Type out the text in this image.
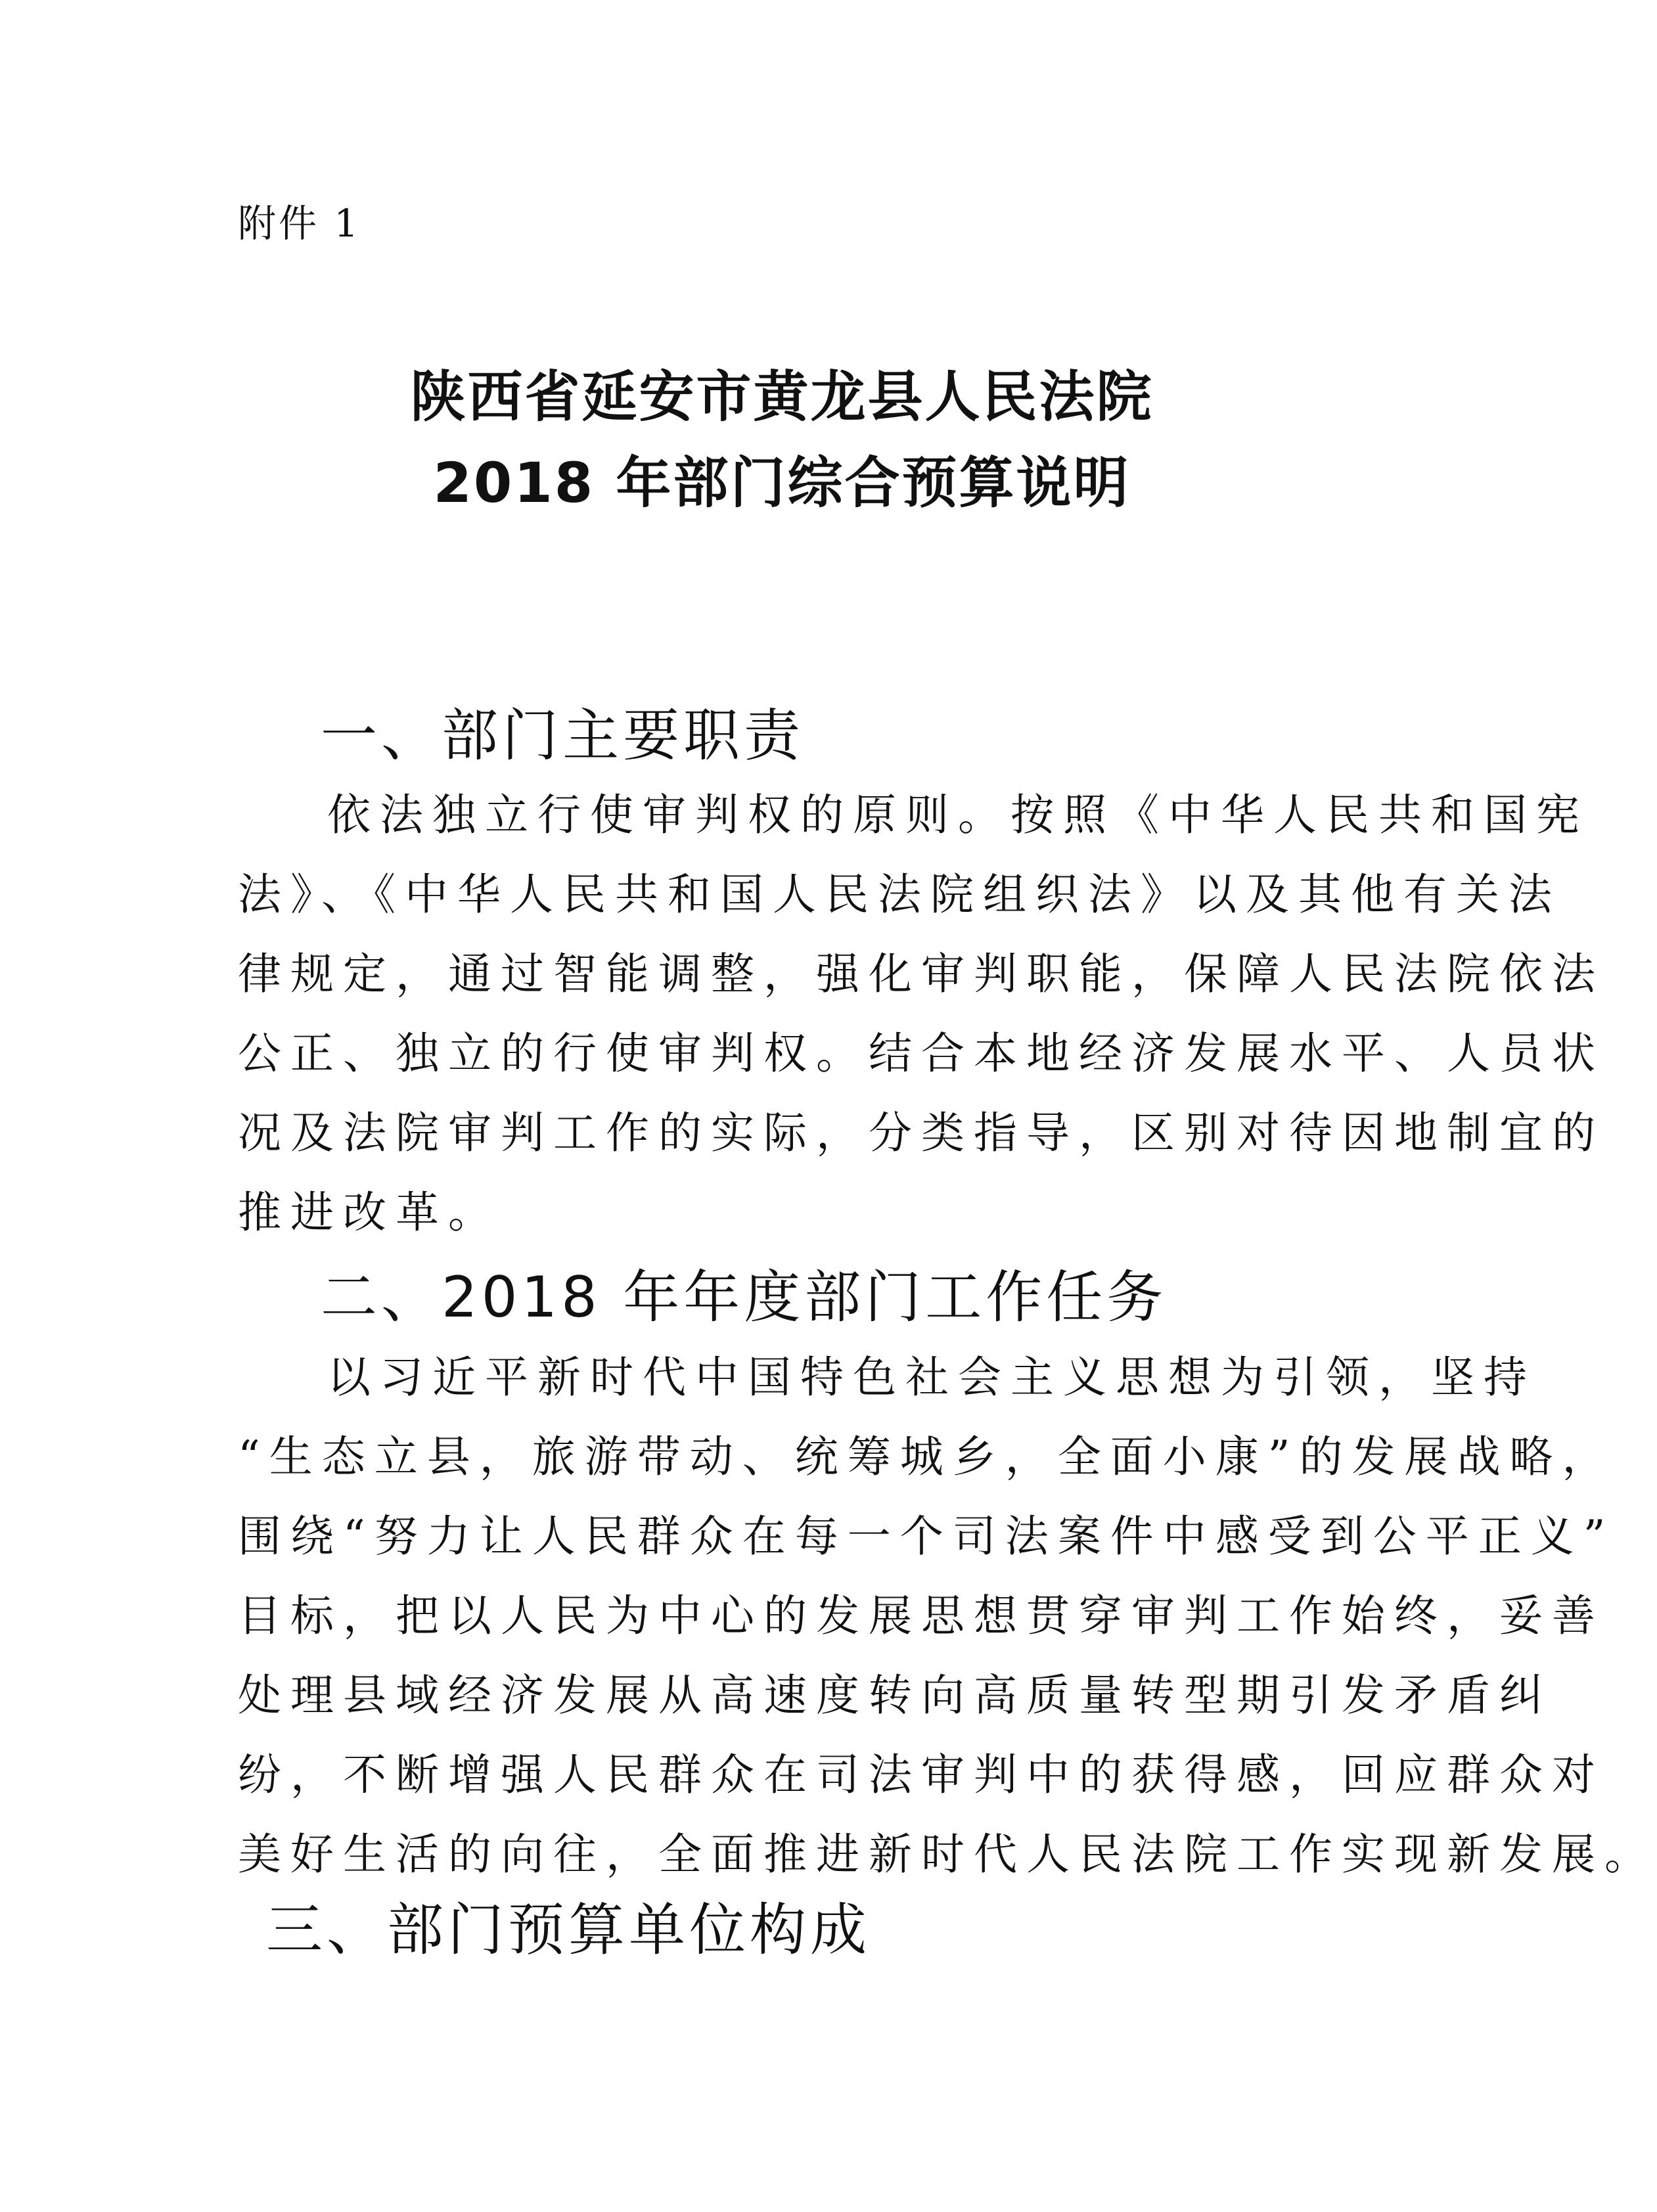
附件 1
陕西省延安市黄龙县人民法院
2018 年部门综合预算说明
一、部门主要职责
依法独立行使审判权的原则。按照《中华人民共和国宪
法》、《中华人民共和国人民法院组织法》以及其他有关法
律规定，通过智能调整，强化审判职能，保障人民法院依法
公正、独立的行使审判权。结合本地经济发展水平、人员状
况及法院审判工作的实际，分类指导，区别对待因地制宜的
推进改革。
二、2018 年年度部门工作任务
以习近平新时代中国特色社会主义思想为引领，坚持
“生态立县，旅游带动、统筹城乡，全面小康”的发展战略，
围绕“努力让人民群众在每一个司法案件中感受到公平正义”
目标，把以人民为中心的发展思想贯穿审判工作始终，妥善
处理县域经济发展从高速度转向高质量转型期引发矛盾纠
纷，不断增强人民群众在司法审判中的获得感，回应群众对
美好生活的向往，全面推进新时代人民法院工作实现新发展。
三、部门预算单位构成
